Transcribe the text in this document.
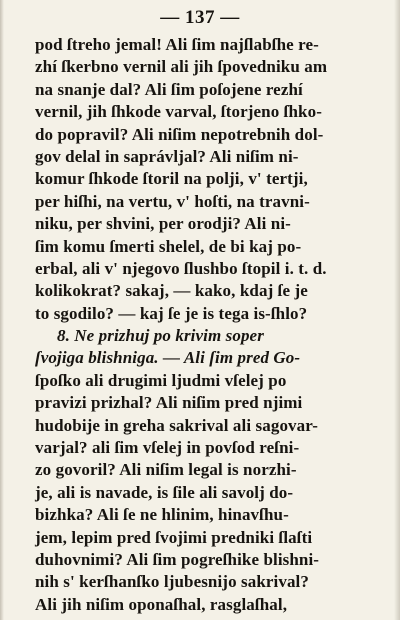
— 137 —
pod ſtreho jemal! Ali ſim najſlabſhe re-
zhí ſkerbno vernil ali jih ſpovedniku am
na snanje dal? Ali ſim poſojene rezhí
vernil, jih ſhkode varval, ſtorjeno ſhko-
do popravil? Ali niſim nepotrebnih dol-
gov delal in saprávljal? Ali niſim ni-
komur ſhkode ſtoril na polji, v' tertji,
per hiſhi, na vertu, v' hoſti, na travni-
niku, per shvini, per orodji? Ali ni-
ſim komu ſmerti shelel, de bi kaj po-
erbal, ali v' njegovo ſlushbo ſtopil i. t. d.
kolikokrat? sakaj, — kako, kdaj ſe je
to sgodilo? — kaj ſe je is tega is-ſhlo?
8. Ne prizhuj po krivim soper
ſvojiga blishniga. — Ali ſim pred Go-
ſpoſko ali drugimi ljudmi vſelej po
pravizi prizhal? Ali niſim pred njimi
hudobije in greha sakrival ali sagovar-
varjal? ali ſim vſelej in povſod reſni-
zo govoril? Ali niſim legal is norzhi-
je, ali is navade, is ſile ali savolj do-
bizhka? Ali ſe ne hlinim, hinavſhu-
jem, lepim pred ſvojimi predniki ſlaſti
duhovnimi? Ali ſim pogreſhike blishni-
nih s' kerſhanſko ljubesnijo sakrival?
Ali jih niſim oponaſhal, rasglaſhal,
